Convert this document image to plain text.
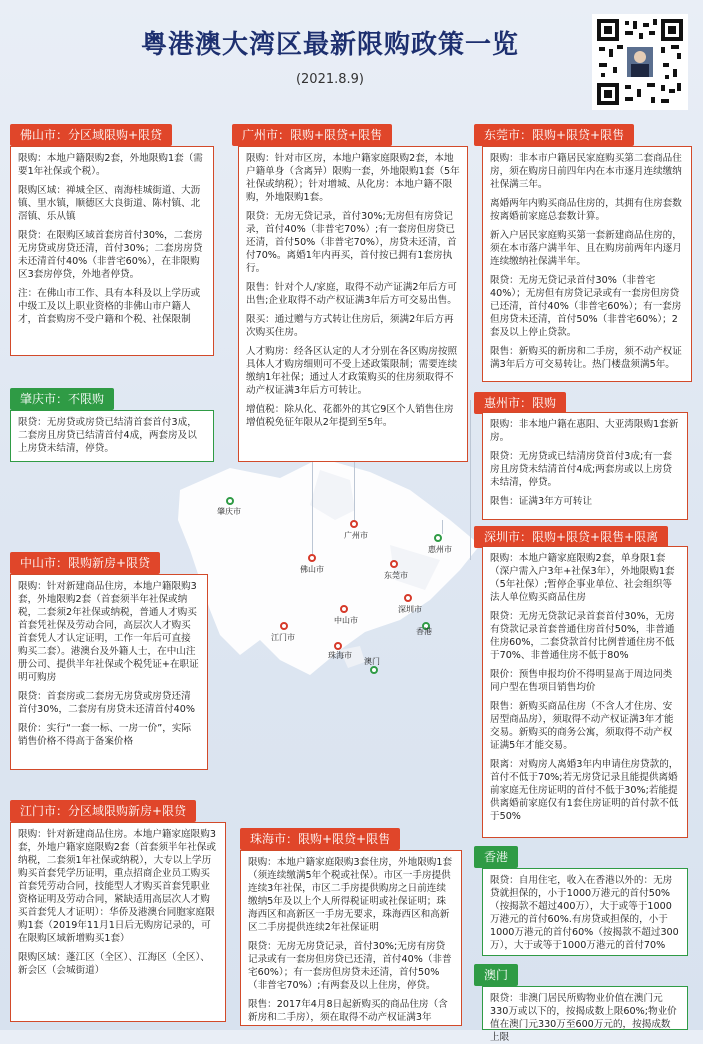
粤港澳大湾区最新限购政策一览
(2021.8.9)
肇庆市
广州市
惠州市
佛山市
东莞市
深圳市
中山市
江门市
香港
珠海市
澳门
佛山市：分区域限购+限贷

限购：本地户籍限购2套，外地限购1套（需要1年社保或个税）。

限购区域：禅城全区、南海桂城街道、大沥镇、里水镇，顺德区大良街道、陈村镇、北滘镇、乐从镇

限贷：在限购区域首套房首付30%，二套房无房贷或房贷还清，首付30%；二套房房贷未还清首付40%（非普宅60%），在非限购区3套房停贷，外地者停贷。

注：在佛山市工作、具有本科及以上学历或中级工及以上职业资格的非佛山市户籍人才，首套购房不受户籍和个税、社保限制

肇庆市：不限购

限贷：无房贷或房贷已结清首套首付3成，二套房且房贷已结清首付4成，两套房及以上房贷未结清，停贷。

中山市：限购新房+限贷

限购：针对新建商品住房，本地户籍限购3套，外地限购2套（首套须半年社保或纳税，二套须2年社保或纳税，普通人才购买首套凭社保及劳动合同，高层次人才购买首套凭人才认定证明，工作一年后可直接购买二套）。港澳台及外籍人士，在中山注册公司、提供半年社保或个税凭证+在职证明可购房

限贷：首套房或二套房无房贷或房贷还清首付30%，二套房有房贷未还清首付40%

限价：实行“一套一标、一房一价”，实际销售价格不得高于备案价格

江门市：分区域限购新房+限贷

限购：针对新建商品住房。本地户籍家庭限购3套，外地户籍家庭限购2套（首套须半年社保或纳税，二套须1年社保或纳税），大专以上学历购买首套凭学历证明，重点招商企业员工购买首套凭劳动合同，技能型人才购买首套凭职业资格证明及劳动合同，紧缺适用高层次人才购买首套凭人才证明）：华侨及港澳台同胞家庭限购1套（2019年11月1日后无购房记录的，可在限购区域新增购买1套）

限购区域：蓬江区（全区）、江海区（全区）、新会区（会城街道）

广州市：限购+限贷+限售

限购：针对市区房，本地户籍家庭限购2套，本地户籍单身（含离异）限购一套，外地限购1套（5年社保或纳税）；针对增城、从化房：本地户籍不限购，外地限购1套。

限贷：无房无贷记录，首付30%;无房但有房贷记录，首付40%（非普宅70%）;有一套房但房贷已还清，首付50%（非普宅70%），房贷未还清，首付70%。离婚1年内再买，首付按已拥有1套房执行。

限售：针对个人/家庭，取得不动产证满2年后方可出售;企业取得不动产权证满3年后方可交易出售。

限买：通过赠与方式转让住房后，须满2年后方再次购买住房。

人才购房：经各区认定的人才分别在各区购房按照具体人才购房细则可不受上述政策限制；需要连续缴纳1年社保；通过人才政策购买的住房须取得不动产权证满3年后方可转让。

增值税：除从化、花都外的其它9区个人销售住房增值税免征年限从2年提到至5年。

珠海市：限购+限贷+限售

限购：本地户籍家庭限购3套住房，外地限购1套（须连续缴满5年个税或社保）。市区一手房提供连续3年社保，市区二手房提供购房之日前连续缴纳5年及以上个人所得税证明或社保证明；珠海西区和高新区一手房无要求，珠海西区和高新区二手房提供连续2年社保证明

限贷：无房无房贷记录，首付30%;无房有房贷记录或有一套房但房贷已还清，首付40%（非普宅60%）；有一套房但房贷未还清，首付50%（非普宅70%）;有两套及以上住房，停贷。

限售：2017年4月8日起新购买的商品住房（含新房和二手房），须在取得不动产权证满3年

东莞市：限购+限贷+限售

限购：非本市户籍居民家庭购买第二套商品住房，须在购房日前四年内在本市逐月连续缴纳社保满三年。

离婚两年内购买商品住房的，其拥有住房套数按离婚前家庭总套数计算。

新入户居民家庭购买第一套新建商品住房的，须在本市落户满半年、且在购房前两年内逐月连续缴纳社保满半年。

限贷：无房无贷记录首付30%（非普宅40%）；无房但有房贷记录或有一套房但房贷已还清，首付40%（非普宅60%）；有一套房但房贷未还清，首付50%（非普宅60%）；2套及以上停止贷款。

限售：新购买的新房和二手房，须不动产权证满3年后方可交易转让。热门楼盘须满5年。

惠州市：限购

限购：非本地户籍在惠阳、大亚湾限购1套新房。

限贷：无房贷或已结清房贷首付3成;有一套房且房贷未结清首付4成;两套房或以上房贷未结清，停贷。

限售：证满3年方可转让

深圳市：限购+限贷+限售+限离

限购：本地户籍家庭限购2套，单身限1套（深户需入户3年+社保3年），外地限购1套（5年社保）;暂停企事业单位、社会组织等法人单位购买商品住房

限贷：无房无贷款记录首套首付30%，无房有贷款记录首套普通住房首付50%，非普通住房60%，二套贷款首付比例普通住房不低于70%、非普通住房不低于80%

限价：预售申报均价不得明显高于周边同类同户型在售项目销售均价

限售：新购买商品住房（不含人才住房、安居型商品房），须取得不动产权证满3年才能交易。新购买的商务公寓，须取得不动产权证满5年才能交易。

限离：对购房人离婚3年内申请住房贷款的，首付不低于70%;若无房贷记录且能提供离婚前家庭无住房证明的首付不低于30%;若能提供离婚前家庭仅有1套住房证明的首付款不低于50%

香港

限贷：自用住宅，收入在香港以外的：无房贷就担保的，小于1000万港元的首付50%（按揭款不超过400万），大于或等于1000万港元的首付60%.有房贷或担保的，小于1000万港元的首付60%（按揭款不超过300万），大于或等于1000万港元的首付70%

澳门

限贷：非澳门居民所购物业价值在澳门元330万或以下的，按揭成数上限60%;物业价值在澳门元330万至600万元的，按揭成数上限
